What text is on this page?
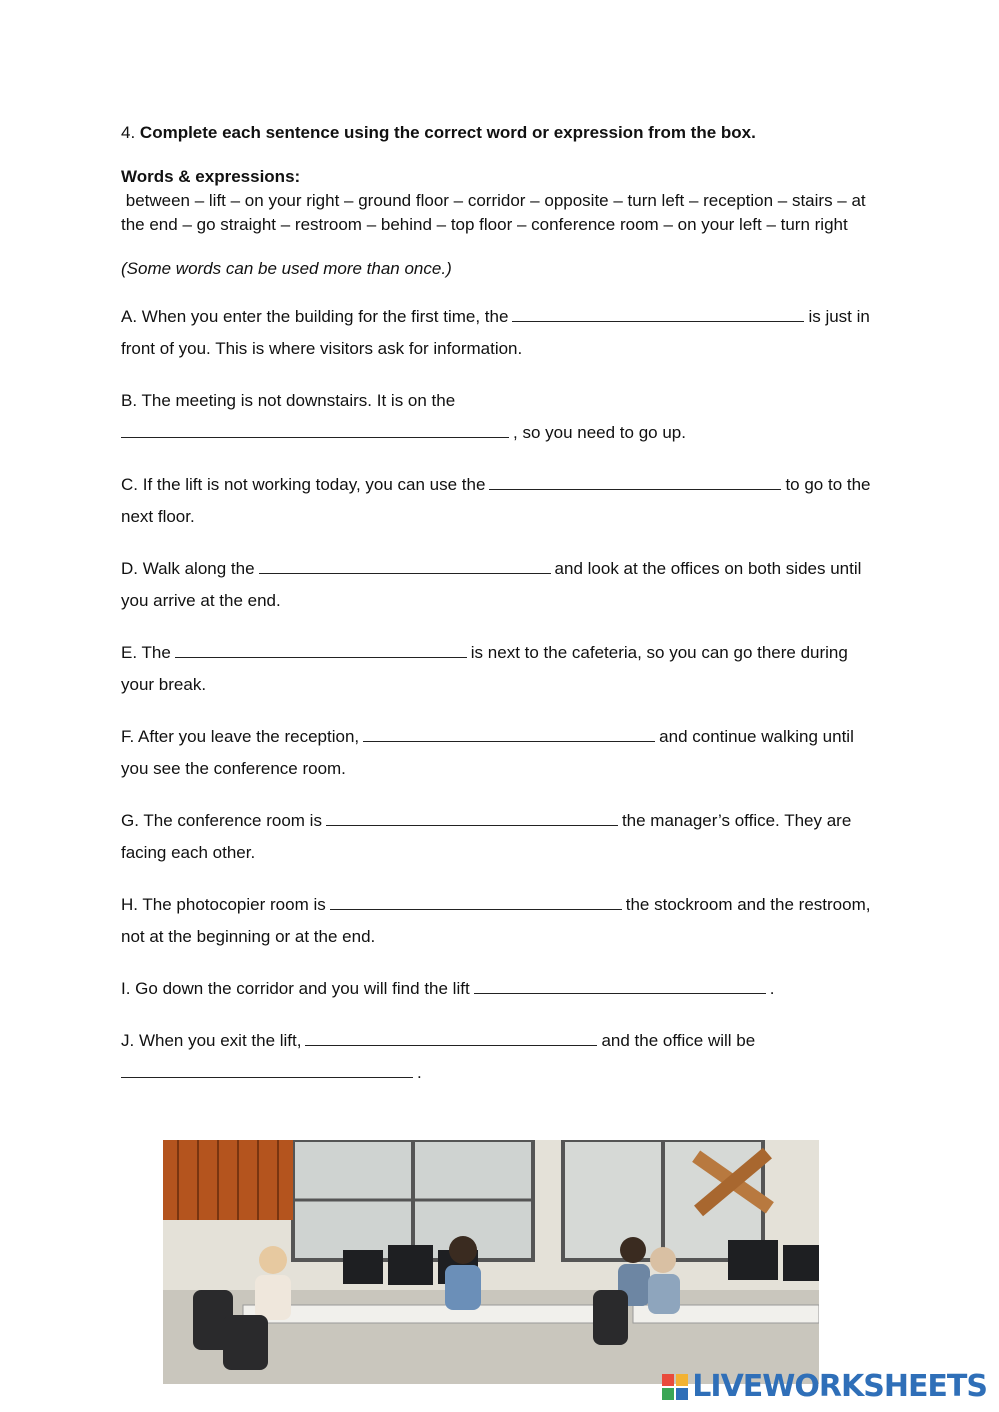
4. Complete each sentence using the correct word or expression from the box.

Words & expressions:

between – lift – on your right – ground floor – corridor – opposite – turn left – reception – stairs – at the end – go straight – restroom – behind – top floor – conference room – on your left – turn right

(Some words can be used more than once.)

A. When you enter the building for the first time, the	is just in front of you. This is where visitors ask for information.

B. The meeting is not downstairs. It is on the
, so you need to go up.

C. If the lift is not working today, you can use the	to go to the next floor.

D. Walk along the	and look at the offices on both sides until you arrive at the end.

E. The	is next to the cafeteria, so you can go there during your break.

F. After you leave the reception,	and continue walking until you see the conference room.

G. The conference room is	the manager’s office. They are facing each other.

H. The photocopier room is	the stockroom and the restroom, not at the beginning or at the end.

I. Go down the corridor and you will find the lift	.

J. When you exit the lift,	and the office will be
.

LIVEWORKSHEETS
